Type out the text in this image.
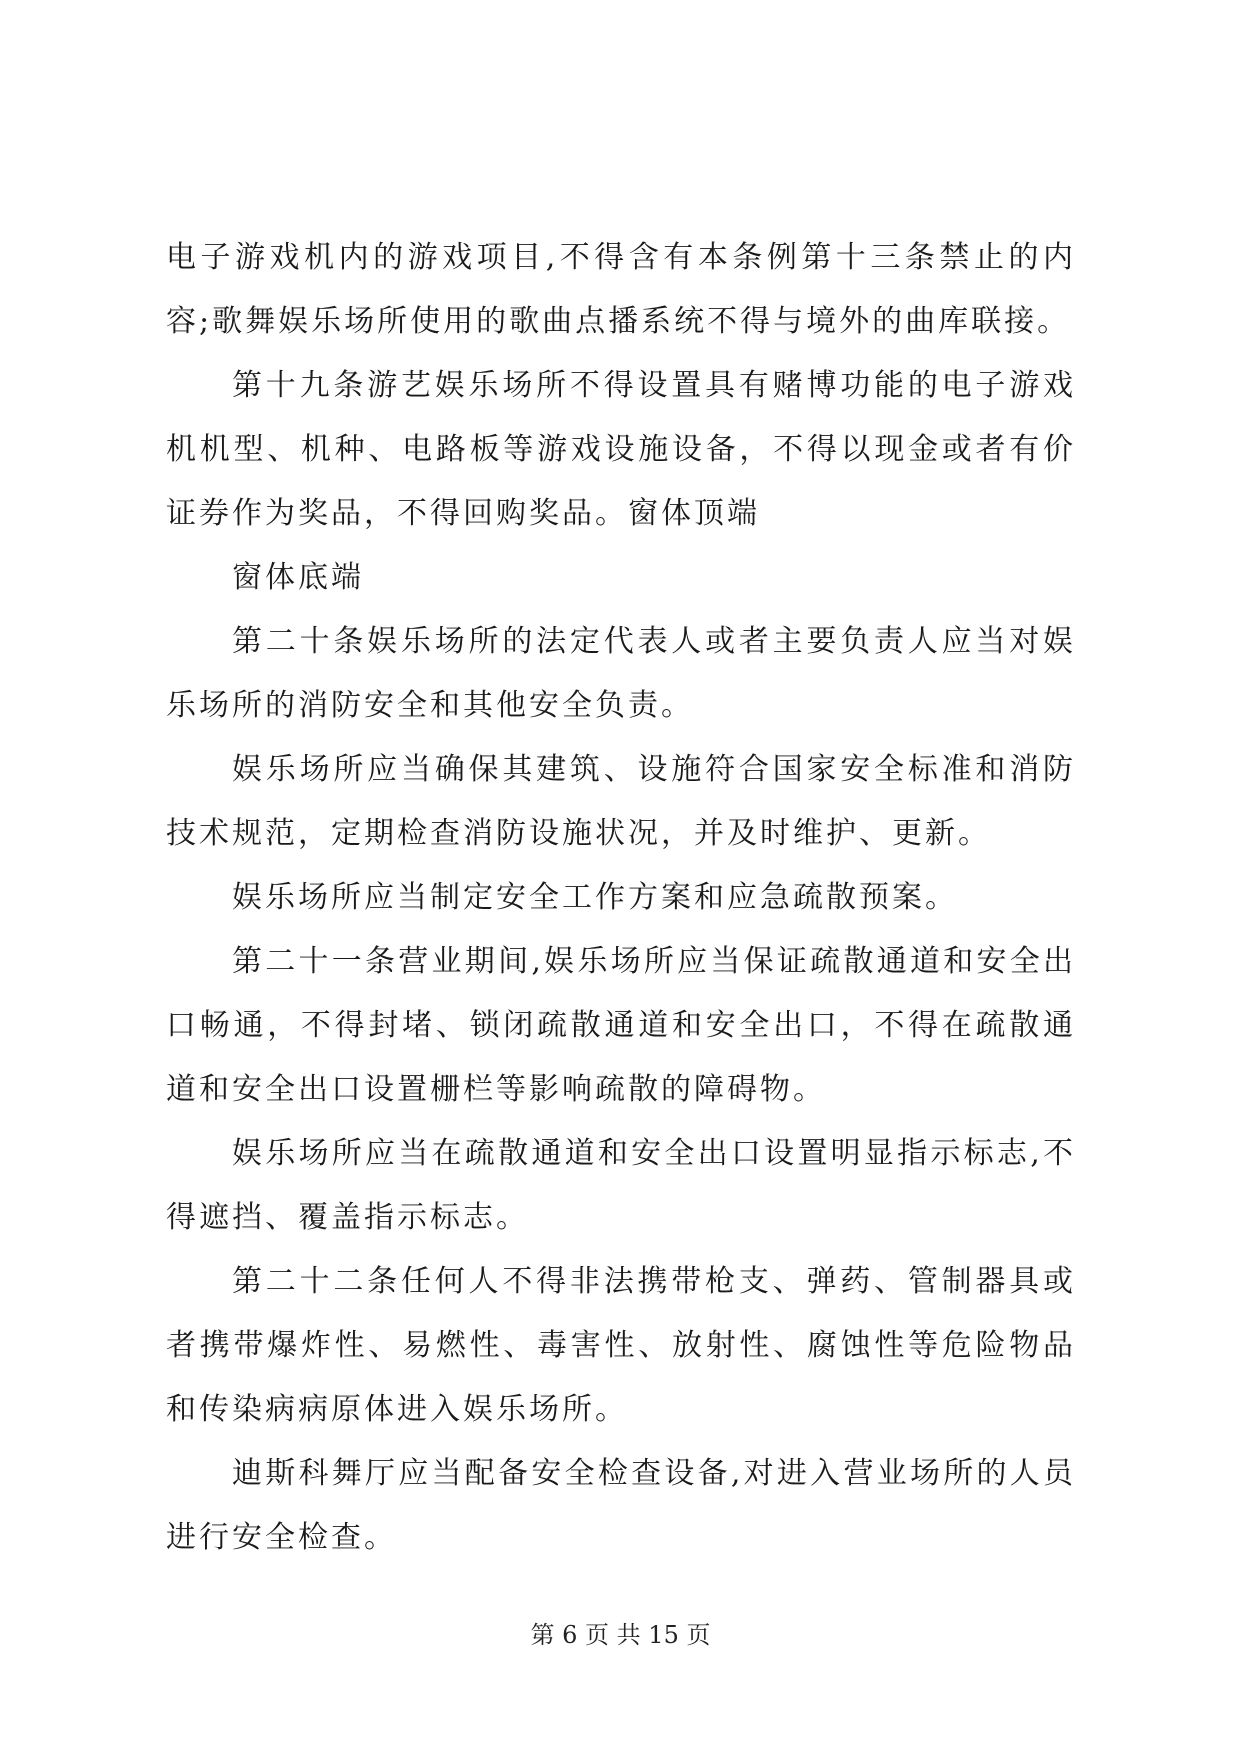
电子游戏机内的游戏项目,不得含有本条例第十三条禁止的内容;歌舞娱乐场所使用的歌曲点播系统不得与境外的曲库联接。

第十九条游艺娱乐场所不得设置具有赌博功能的电子游戏机机型、机种、电路板等游戏设施设备，不得以现金或者有价证券作为奖品，不得回购奖品。窗体顶端

窗体底端

第二十条娱乐场所的法定代表人或者主要负责人应当对娱乐场所的消防安全和其他安全负责。

娱乐场所应当确保其建筑、设施符合国家安全标准和消防技术规范，定期检查消防设施状况，并及时维护、更新。

娱乐场所应当制定安全工作方案和应急疏散预案。

第二十一条营业期间,娱乐场所应当保证疏散通道和安全出口畅通，不得封堵、锁闭疏散通道和安全出口，不得在疏散通道和安全出口设置栅栏等影响疏散的障碍物。

娱乐场所应当在疏散通道和安全出口设置明显指示标志,不得遮挡、覆盖指示标志。

第二十二条任何人不得非法携带枪支、弹药、管制器具或者携带爆炸性、易燃性、毒害性、放射性、腐蚀性等危险物品和传染病病原体进入娱乐场所。

迪斯科舞厅应当配备安全检查设备,对进入营业场所的人员进行安全检查。

第 6 页 共 15 页
